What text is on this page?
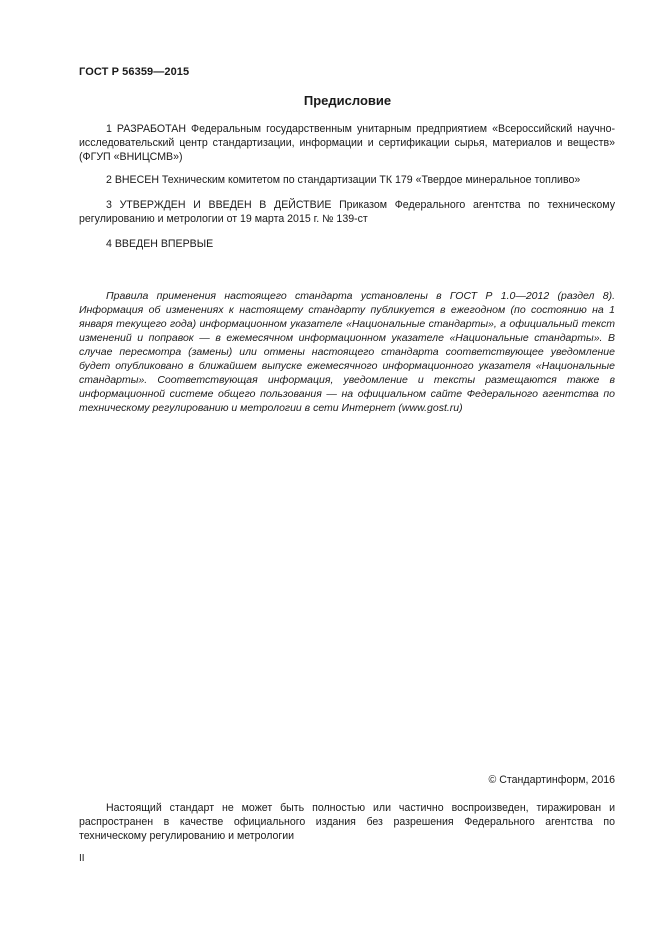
ГОСТ Р 56359—2015
Предисловие

1 РАЗРАБОТАН Федеральным государственным унитарным предприятием «Всероссийский научно-исследовательский центр стандартизации, информации и сертификации сырья, материалов и веществ» (ФГУП «ВНИЦСМВ»)

2 ВНЕСЕН Техническим комитетом по стандартизации ТК 179 «Твердое минеральное топливо»

3 УТВЕРЖДЕН И ВВЕДЕН В ДЕЙСТВИЕ Приказом Федерального агентства по техническому регулированию и метрологии от 19 марта 2015 г. № 139-ст

4 ВВЕДЕН ВПЕРВЫЕ

Правила применения настоящего стандарта установлены в ГОСТ Р 1.0—2012 (раздел 8). Информация об изменениях к настоящему стандарту публикуется в ежегодном (по состоянию на 1 января текущего года) информационном указателе «Национальные стандарты», а официальный текст изменений и поправок — в ежемесячном информационном указателе «Национальные стандарты». В случае пересмотра (замены) или отмены настоящего стандарта соответствующее уведомление будет опубликовано в ближайшем выпуске ежемесячного информационного указателя «Национальные стандарты». Соответствующая информация, уведомление и тексты размещаются также в информационной системе общего пользования — на официальном сайте Федерального агентства по техническому регулированию и метрологии в сети Интернет (www.gost.ru)

© Стандартинформ, 2016

Настоящий стандарт не может быть полностью или частично воспроизведен, тиражирован и распространен в качестве официального издания без разрешения Федерального агентства по техническому регулированию и метрологии

II
